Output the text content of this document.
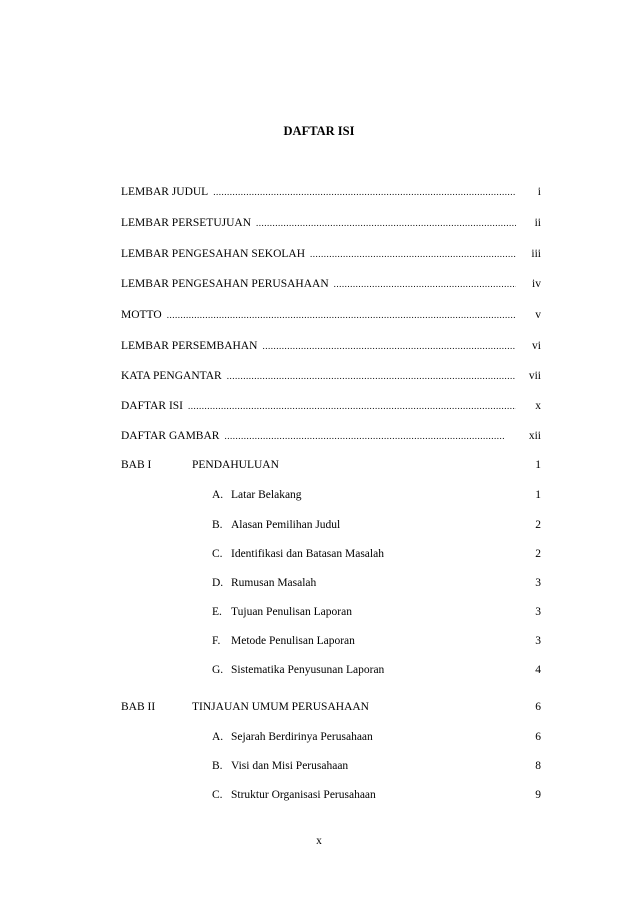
DAFTAR ISI
LEMBAR JUDUL .....	i
LEMBAR PERSETUJUAN .....	ii
LEMBAR PENGESAHAN SEKOLAH .....	iii
LEMBAR PENGESAHAN PERUSAHAAN .....	iv
MOTTO .....	v
LEMBAR PERSEMBAHAN .....	vi
KATA PENGANTAR .....	vii
DAFTAR ISI .....	x
DAFTAR GAMBAR .....	xii
BAB I	PENDAHULUAN	1
A. Latar Belakang	1
B. Alasan Pemilihan Judul	2
C. Identifikasi dan Batasan Masalah	2
D. Rumusan Masalah	3
E. Tujuan Penulisan Laporan	3
F. Metode Penulisan Laporan	3
G. Sistematika Penyusunan Laporan	4
BAB II	TINJAUAN UMUM PERUSAHAAN	6
A. Sejarah Berdirinya Perusahaan	6
B. Visi dan Misi Perusahaan	8
C. Struktur Organisasi Perusahaan	9
x
